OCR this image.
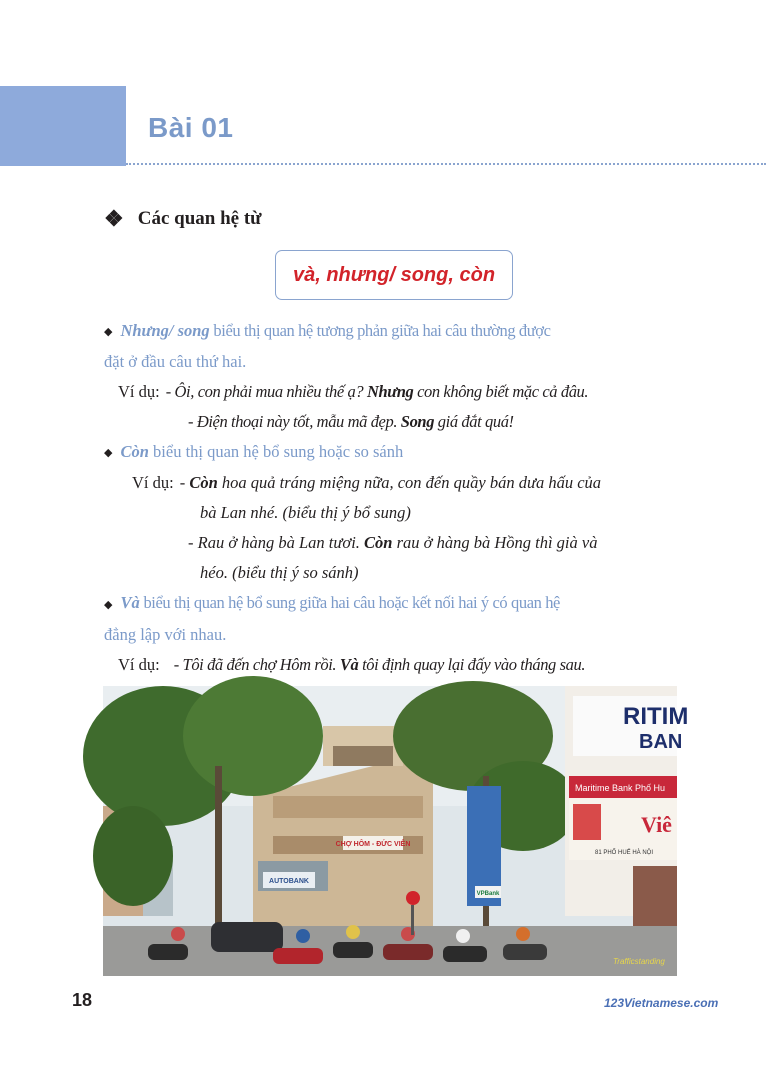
Bài 01
❖ Các quan hệ từ
và, nhưng/ song, còn

◆ Nhưng/ song biểu thị quan hệ tương phản giữa hai câu thường được

đặt ở đầu câu thứ hai.

Ví dụ: - Ôi, con phải mua nhiều thế ạ? Nhưng con không biết mặc cả đâu.

- Điện thoại này tốt, mẫu mã đẹp. Song giá đắt quá!

◆ Còn biểu thị quan hệ bổ sung hoặc so sánh

Ví dụ: - Còn hoa quả tráng miệng nữa, con đến quầy bán dưa hấu của

bà Lan nhé. (biểu thị ý bổ sung)

- Rau ở hàng bà Lan tươi. Còn rau ở hàng bà Hồng thì già và

héo. (biểu thị ý so sánh)

◆ Và biểu thị quan hệ bổ sung giữa hai câu hoặc kết nối hai ý có quan hệ

đẳng lập với nhau.

Ví dụ: - Tôi đã đến chợ Hôm rồi. Và tôi định quay lại đấy vào tháng sau.

CHỢ HÔM - ĐỨC VIÊN
AUTOBANK
VPBank
RITIM
BAN
Maritime Bank Phố Hu
Viê
81 PHỐ HUẾ HÀ NỘI
Trafficstanding
18	123Vietnamese.com
